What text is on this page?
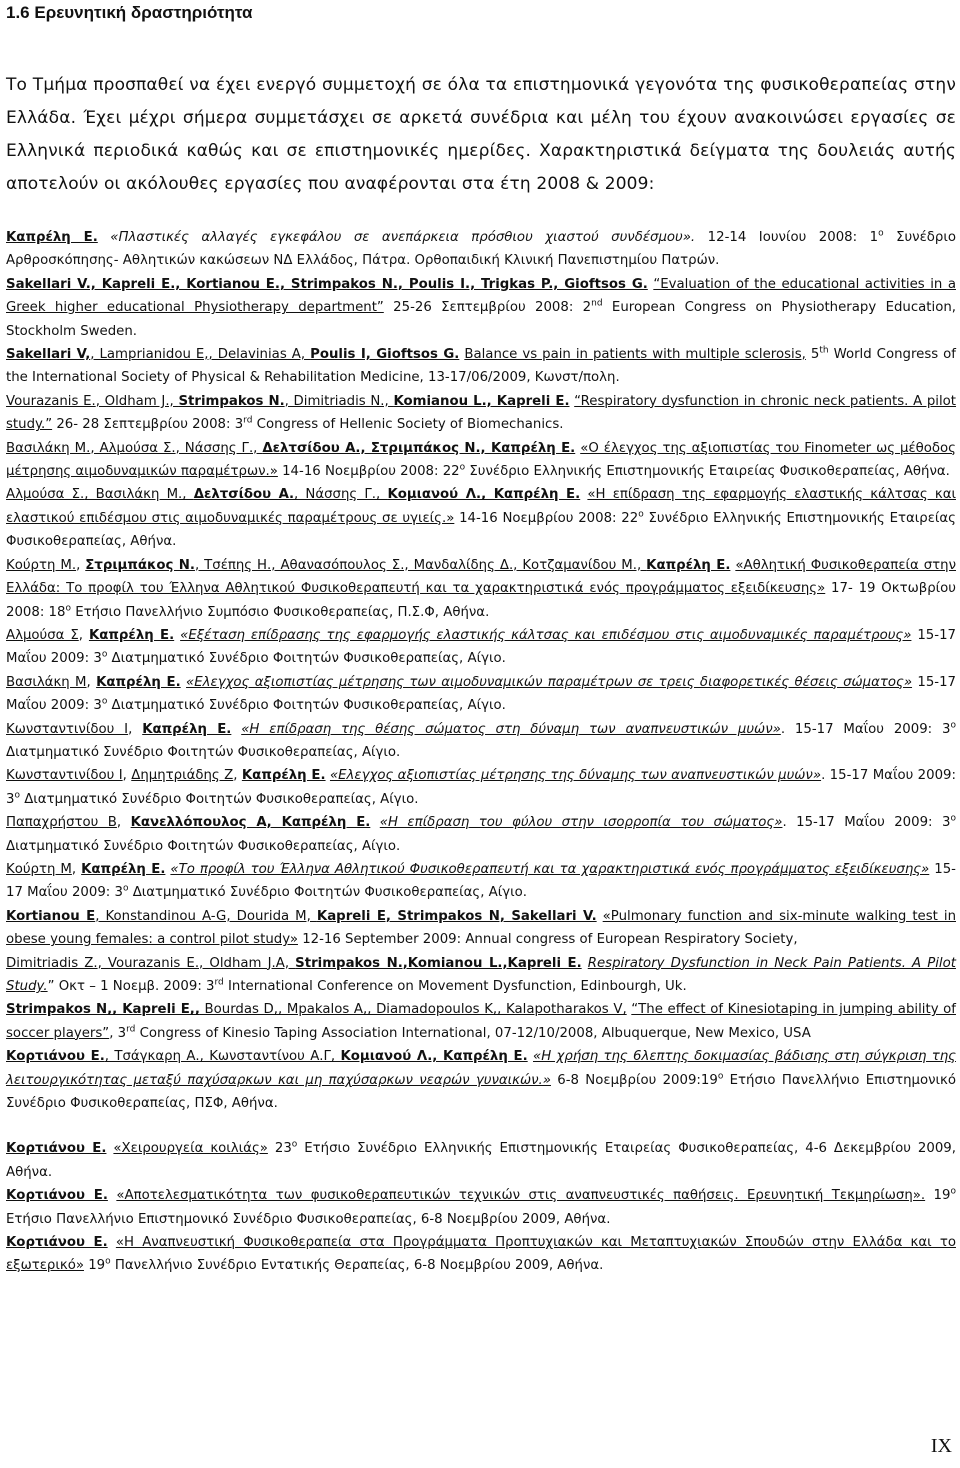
1.6 Ερευνητική δραστηριότητα

Το Τμήμα προσπαθεί να έχει ενεργό συμμετοχή σε όλα τα επιστημονικά γεγονότα της φυσικοθεραπείας στην Ελλάδα. Έχει μέχρι σήμερα συμμετάσχει σε αρκετά συνέδρια και μέλη του έχουν ανακοινώσει εργασίες σε Ελληνικά περιοδικά καθώς και σε επιστημονικές ημερίδες. Χαρακτηριστικά δείγματα της δουλειάς αυτής αποτελούν οι ακόλουθες εργασίες που αναφέρονται στα έτη 2008 & 2009:

Καπρέλη Ε. «Πλαστικές αλλαγές εγκεφάλου σε ανεπάρκεια πρόσθιου χιαστού συνδέσμου». 12-14 Ιουνίου 2008: $1^o$ Συνέδριο Αρθροσκόπησης- Αθλητικών κακώσεων ΝΔ Ελλάδος, Πάτρα. Ορθοπαιδική Κλινική Πανεπιστημίου Πατρών.

Sakellari V., Kapreli E., Kortianou E., Strimpakos N., Poulis I., Trigkas P., Gioftsos G. “Evaluation of the educational activities in a Greek higher educational Physiotherapy department” 25-26 Σεπτεμβρίου 2008: 2nd European Congress on Physiotherapy Education, Stockholm Sweden.

Sakellari V,, Lamprianidou E,, Delavinias A, Poulis I, Gioftsos G. Balance vs pain in patients with multiple sclerosis, 5th World Congress of the International Society of Physical & Rehabilitation Medicine, 13-17/06/2009, Κωνστ/πολη.

Vourazanis E., Oldham J., Strimpakos N., Dimitriadis N., Komianou L., Kapreli E. “Respiratory dysfunction in chronic neck patients. A pilot study.” 26- 28 Σεπτεμβρίου 2008: 3rd Congress of Hellenic Society of Biomechanics.

Βασιλάκη Μ., Αλμούσα Σ., Νάσσης Γ., Δελτσίδου Α., Στριμπάκος Ν., Καπρέλη Ε. «Ο έλεγχος της αξιοπιστίας του Finometer ως μέθοδος μέτρησης αιμοδυναμικών παραμέτρων.» 14-16 Νοεμβρίου 2008: $22^o$ Συνέδριο Ελληνικής Επιστημονικής Εταιρείας Φυσικοθεραπείας, Αθήνα.

Αλμούσα Σ., Βασιλάκη Μ., Δελτσίδου Α., Νάσσης Γ., Κομιανού Λ., Καπρέλη Ε. «Η επίδραση της εφαρμογής ελαστικής κάλτσας και ελαστικού επιδέσμου στις αιμοδυναμικές παραμέτρους σε υγιείς.» 14-16 Νοεμβρίου 2008: $22^o$ Συνέδριο Ελληνικής Επιστημονικής Εταιρείας Φυσικοθεραπείας, Αθήνα.

Κούρτη Μ., Στριμπάκος Ν., Τσέπης Η., Αθανασόπουλος Σ., Μανδαλίδης Δ., Κοτζαμανίδου Μ., Καπρέλη Ε. «Αθλητική Φυσικοθεραπεία στην Ελλάδα: Το προφίλ του Έλληνα Αθλητικού Φυσικοθεραπευτή και τα χαρακτηριστικά ενός προγράμματος εξειδίκευσης» 17- 19 Οκτωβρίου 2008: $18^o$ Ετήσιο Πανελλήνιο Συμπόσιο Φυσικοθεραπείας, Π.Σ.Φ, Αθήνα.

Αλμούσα Σ, Καπρέλη Ε. «Εξέταση επίδρασης της εφαρμογής ελαστικής κάλτσας και επιδέσμου στις αιμοδυναμικές παραμέτρους» 15-17 Μαΐου 2009: $3^o$ Διατμηματικό Συνέδριο Φοιτητών Φυσικοθεραπείας, Αίγιο.

Βασιλάκη Μ, Καπρέλη Ε. «Ελεγχος αξιοπιστίας μέτρησης των αιμοδυναμικών παραμέτρων σε τρεις διαφορετικές θέσεις σώματος» 15-17 Μαΐου 2009: $3^o$ Διατμηματικό Συνέδριο Φοιτητών Φυσικοθεραπείας, Αίγιο.

Κωνσταντινίδου Ι, Καπρέλη Ε. «Η επίδραση της θέσης σώματος στη δύναμη των αναπνευστικών μυών». 15-17 Μαΐου 2009: $3^o$ Διατμηματικό Συνέδριο Φοιτητών Φυσικοθεραπείας, Αίγιο.

Κωνσταντινίδου Ι, Δημητριάδης Ζ, Καπρέλη Ε. «Ελεγχος αξιοπιστίας μέτρησης της δύναμης των αναπνευστικών μυών». 15-17 Μαΐου 2009: $3^o$ Διατμηματικό Συνέδριο Φοιτητών Φυσικοθεραπείας, Αίγιο.

Παπαχρήστου Β, Κανελλόπουλος Α, Καπρέλη Ε. «Η επίδραση του φύλου στην ισορροπία του σώματος». 15-17 Μαΐου 2009: $3^o$ Διατμηματικό Συνέδριο Φοιτητών Φυσικοθεραπείας, Αίγιο.

Κούρτη Μ, Καπρέλη Ε. «Το προφίλ του Έλληνα Αθλητικού Φυσικοθεραπευτή και τα χαρακτηριστικά ενός προγράμματος εξειδίκευσης» 15-17 Μαΐου 2009: $3^o$ Διατμηματικό Συνέδριο Φοιτητών Φυσικοθεραπείας, Αίγιο.

Kortianou E, Konstandinou A-G, Dourida M, Kapreli E, Strimpakos N, Sakellari V. «Pulmonary function and six-minute walking test in obese young females: a control pilot study» 12-16 September 2009: Annual congress of European Respiratory Society,

Dimitriadis Z., Vourazanis E., Oldham J.A, Strimpakos N.,Komianou L.,Kapreli E. Respiratory Dysfunction in Neck Pain Patients. A Pilot Study.” Οκτ – 1 Νοεμβ. 2009: 3rd International Conference on Movement Dysfunction, Edinbourgh, Uk.

Strimpakos N,, Kapreli E,, Bourdas D,, Mpakalos A,, Diamadopoulos K,, Kalapotharakos V, “The effect of Kinesiotaping in jumping ability of soccer players”, 3rd Congress of Kinesio Taping Association International, 07-12/10/2008, Albuquerque, New Mexico, USA

Κορτιάνου Ε., Τσάγκαρη Α., Κωνσταντίνου Α.Γ, Κομιανού Λ., Καπρέλη Ε. «Η χρήση της 6λεπτης δοκιμασίας βάδισης στη σύγκριση της λειτουργικότητας μεταξύ παχύσαρκων και μη παχύσαρκων νεαρών γυναικών.» 6-8 Νοεμβρίου $2009:19^o$ Ετήσιο Πανελλήνιο Επιστημονικό Συνέδριο Φυσικοθεραπείας, ΠΣΦ, Αθήνα.

Κορτιάνου Ε. «Χειρουργεία κοιλιάς» $23^o$ Ετήσιο Συνέδριο Ελληνικής Επιστημονικής Εταιρείας Φυσικοθεραπείας, 4-6 Δεκεμβρίου 2009, Αθήνα.

Κορτιάνου Ε. «Αποτελεσματικότητα των φυσικοθεραπευτικών τεχνικών στις αναπνευστικές παθήσεις. Ερευνητική Τεκμηρίωση». $19^o$ Ετήσιο Πανελλήνιο Επιστημονικό Συνέδριο Φυσικοθεραπείας, 6-8 Νοεμβρίου 2009, Αθήνα.

Κορτιάνου Ε. «Η Αναπνευστική Φυσικοθεραπεία στα Προγράμματα Προπτυχιακών και Μεταπτυχιακών Σπουδών στην Ελλάδα και το εξωτερικό» $19^o$ Πανελλήνιο Συνέδριο Εντατικής Θεραπείας, 6-8 Νοεμβρίου 2009, Αθήνα.

IX
